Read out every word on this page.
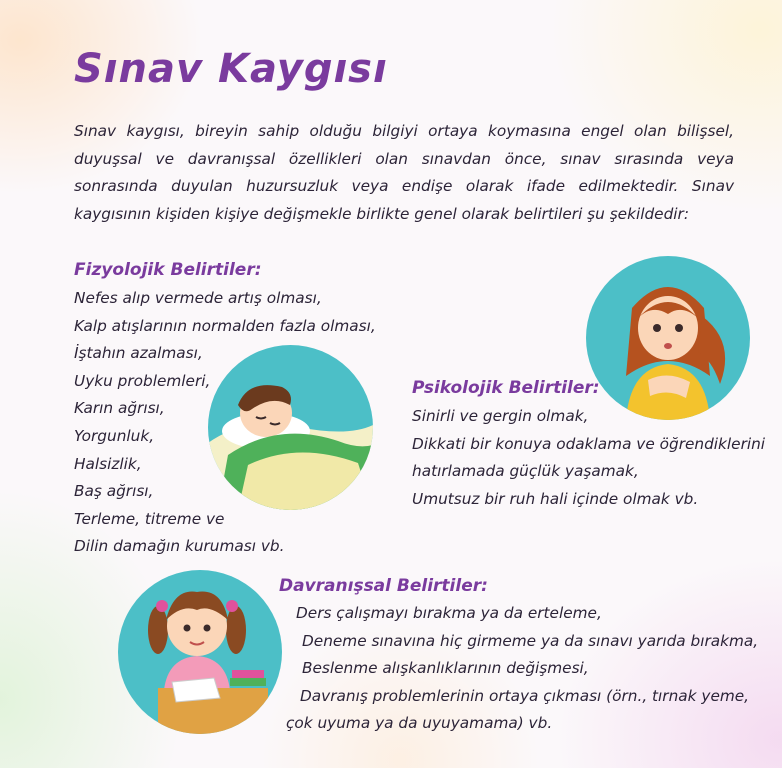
Sınav Kaygısı

Sınav kaygısı, bireyin sahip olduğu bilgiyi ortaya koymasına engel olan bilişsel, duyuşsal ve davranışsal özellikleri olan sınavdan önce, sınav sırasında veya sonrasında duyulan huzursuzluk veya endişe olarak ifade edilmektedir. Sınav kaygısının kişiden kişiye değişmekle birlikte genel olarak belirtileri şu şekildedir:

Fizyolojik Belirtiler:
Nefes alıp vermede artış olması,
Kalp atışlarının normalden fazla olması,
İştahın azalması,
Uyku problemleri,
Karın ağrısı,
Yorgunluk,
Halsizlik,
Baş ağrısı,
Terleme, titreme ve
Dilin damağın kuruması vb.
Psikolojik Belirtiler:
Sinirli ve gergin olmak,
Dikkati bir konuya odaklama ve öğrendiklerini
hatırlamada güçlük yaşamak,
Umutsuz bir ruh hali içinde olmak vb.
Davranışsal Belirtiler:
Ders çalışmayı bırakma ya da erteleme,
Deneme sınavına hiç girmeme ya da sınavı yarıda bırakma,
Beslenme alışkanlıklarının değişmesi,
Davranış problemlerinin ortaya çıkması (örn., tırnak yeme,
çok uyuma ya da uyuyamama) vb.
